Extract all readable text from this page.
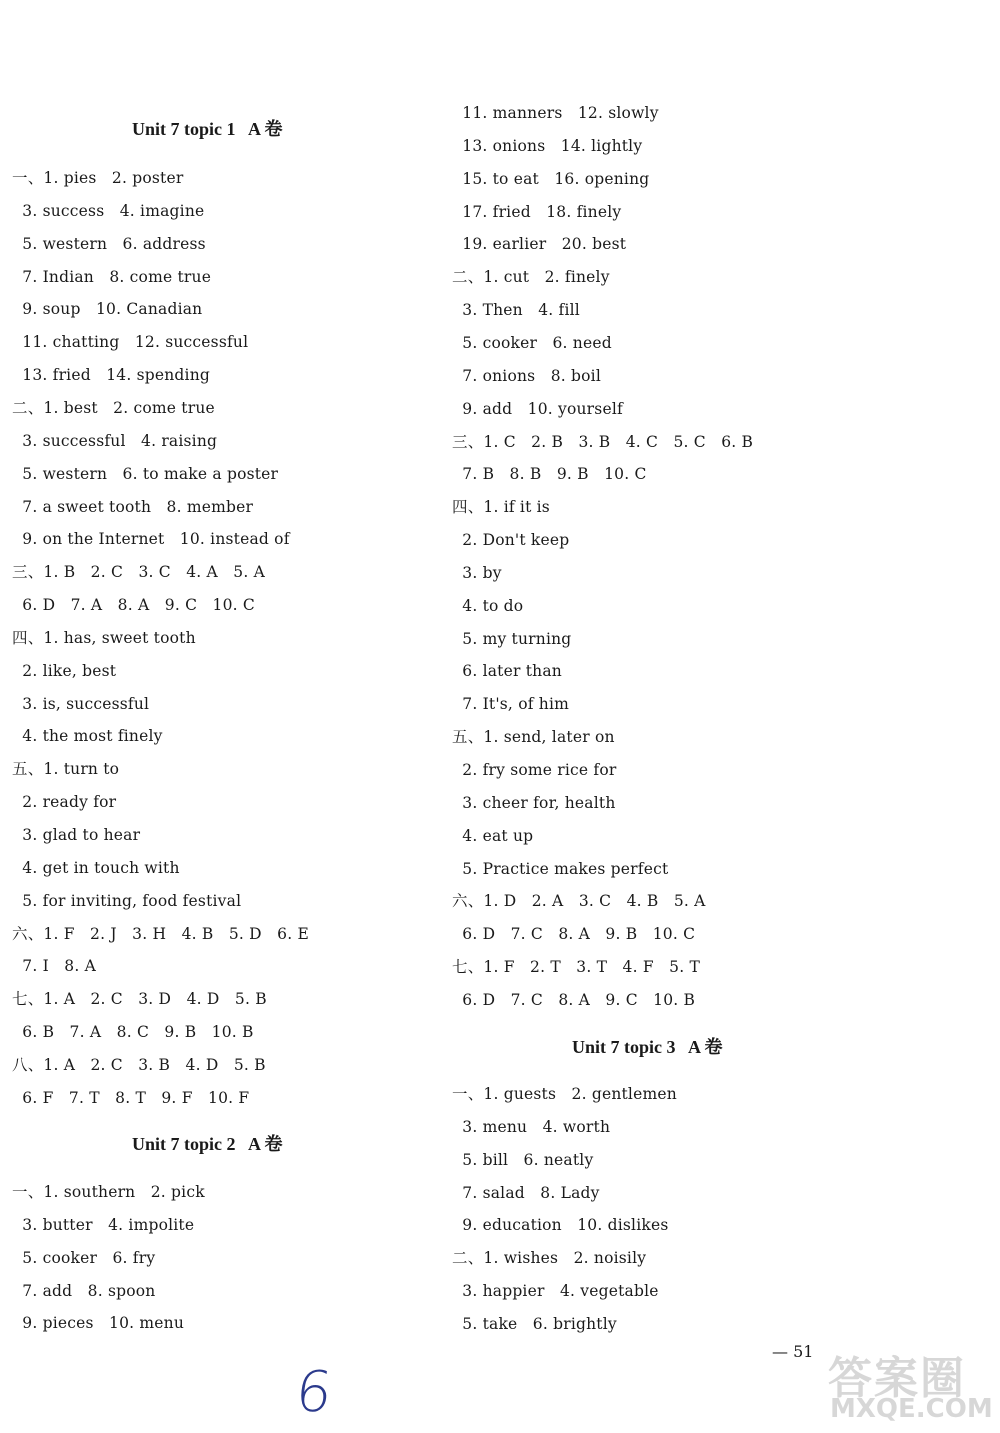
Unit 7 topic 1   A 卷
一、1. pies   2. poster
3. success   4. imagine
5. western   6. address
7. Indian   8. come true
9. soup   10. Canadian
11. chatting   12. successful
13. fried   14. spending
二、1. best   2. come true
3. successful   4. raising
5. western   6. to make a poster
7. a sweet tooth   8. member
9. on the Internet   10. instead of
三、1. B   2. C   3. C   4. A   5. A
6. D   7. A   8. A   9. C   10. C
四、1. has, sweet tooth
2. like, best
3. is, successful
4. the most finely
五、1. turn to
2. ready for
3. glad to hear
4. get in touch with
5. for inviting, food festival
六、1. F   2. J   3. H   4. B   5. D   6. E
7. I   8. A
七、1. A   2. C   3. D   4. D   5. B
6. B   7. A   8. C   9. B   10. B
八、1. A   2. C   3. B   4. D   5. B
6. F   7. T   8. T   9. F   10. F
Unit 7 topic 2   A 卷
一、1. southern   2. pick
3. butter   4. impolite
5. cooker   6. fry
7. add   8. spoon
9. pieces   10. menu
11. manners   12. slowly
13. onions   14. lightly
15. to eat   16. opening
17. fried   18. finely
19. earlier   20. best
二、1. cut   2. finely
3. Then   4. fill
5. cooker   6. need
7. onions   8. boil
9. add   10. yourself
三、1. C   2. B   3. B   4. C   5. C   6. B
7. B   8. B   9. B   10. C
四、1. if it is
2. Don't keep
3. by
4. to do
5. my turning
6. later than
7. It's, of him
五、1. send, later on
2. fry some rice for
3. cheer for, health
4. eat up
5. Practice makes perfect
六、1. D   2. A   3. C   4. B   5. A
6. D   7. C   8. A   9. B   10. C
七、1. F   2. T   3. T   4. F   5. T
6. D   7. C   8. A   9. C   10. B
Unit 7 topic 3   A 卷
一、1. guests   2. gentlemen
3. menu   4. worth
5. bill   6. neatly
7. salad   8. Lady
9. education   10. dislikes
二、1. wishes   2. noisily
3. happier   4. vegetable
5. take   6. brightly
— 51
6	答案圈
MXQE.COM
